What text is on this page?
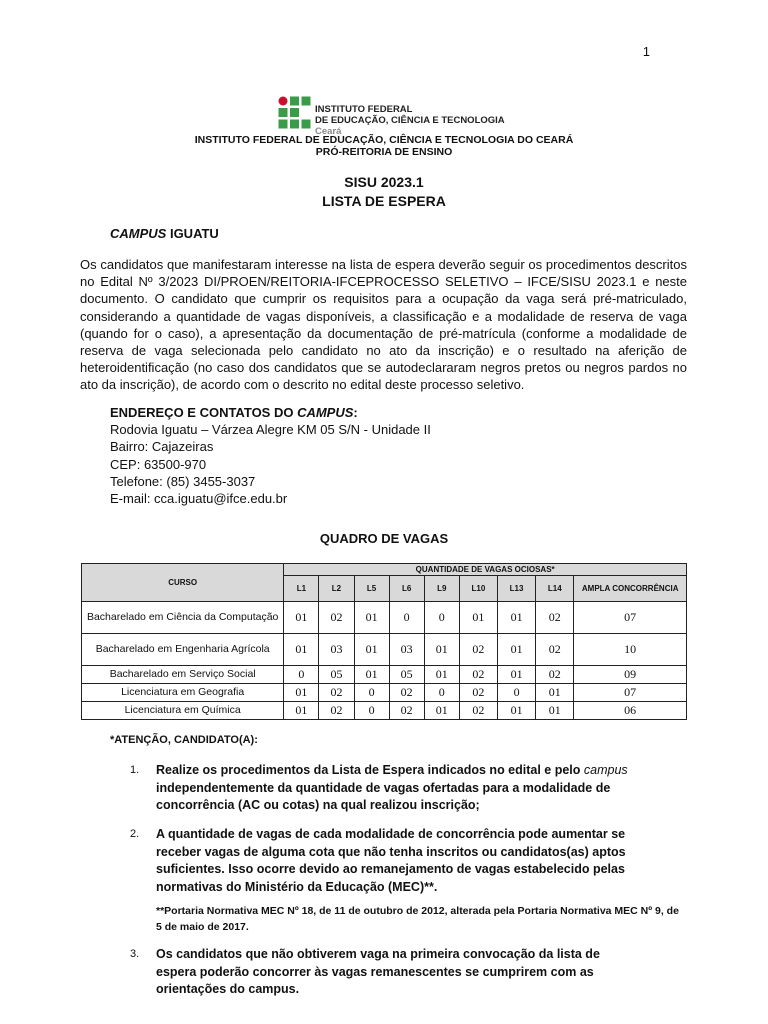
1
INSTITUTO FEDERAL
DE EDUCAÇÃO, CIÊNCIA E TECNOLOGIA
Ceará
INSTITUTO FEDERAL DE EDUCAÇÃO, CIÊNCIA E TECNOLOGIA DO CEARÁ
PRÓ-REITORIA DE ENSINO
SISU 2023.1
LISTA DE ESPERA
CAMPUS IGUATU
Os candidatos que manifestaram interesse na lista de espera deverão seguir os procedimentos descritos no Edital Nº 3/2023 DI/PROEN/REITORIA-IFCEPROCESSO SELETIVO – IFCE/SISU 2023.1 e neste documento. O candidato que cumprir os requisitos para a ocupação da vaga será pré-matriculado, considerando a quantidade de vagas disponíveis, a classificação e a modalidade de reserva de vaga (quando for o caso), a apresentação da documentação de pré-matrícula (conforme a modalidade de reserva de vaga selecionada pelo candidato no ato da inscrição) e o resultado na aferição de heteroidentificação (no caso dos candidatos que se autodeclararam negros pretos ou negros pardos no ato da inscrição), de acordo com o descrito no edital deste processo seletivo.
ENDEREÇO E CONTATOS DO CAMPUS:
Rodovia Iguatu – Várzea Alegre KM 05 S/N - Unidade II
Bairro: Cajazeiras
CEP: 63500-970
Telefone: (85) 3455-3037
E-mail: cca.iguatu@ifce.edu.br
QUADRO DE VAGAS
CURSO	QUANTIDADE DE VAGAS OCIOSAS*								
	L1	L2	L5	L6	L9	L10	L13	L14	AMPLA CONCORRÊNCIA
Bacharelado em Ciência da Computação	01	02	01	0	0	01	01	02	07
Bacharelado em Engenharia Agrícola	01	03	01	03	01	02	01	02	10
Bacharelado em Serviço Social	0	05	01	05	01	02	01	02	09
Licenciatura em Geografia	01	02	0	02	0	02	0	01	07
Licenciatura em Química	01	02	0	02	01	02	01	01	06
*ATENÇÃO, CANDIDATO(A):
1. Realize os procedimentos da Lista de Espera indicados no edital e pelo campus independentemente da quantidade de vagas ofertadas para a modalidade de concorrência (AC ou cotas) na qual realizou inscrição;
2. A quantidade de vagas de cada modalidade de concorrência pode aumentar se receber vagas de alguma cota que não tenha inscritos ou candidatos(as) aptos suficientes. Isso ocorre devido ao remanejamento de vagas estabelecido pelas normativas do Ministério da Educação (MEC)**.
**Portaria Normativa MEC Nº 18, de 11 de outubro de 2012, alterada pela Portaria Normativa MEC Nº 9, de 5 de maio de 2017.
3. Os candidatos que não obtiverem vaga na primeira convocação da lista de espera poderão concorrer às vagas remanescentes se cumprirem com as orientações do campus.
